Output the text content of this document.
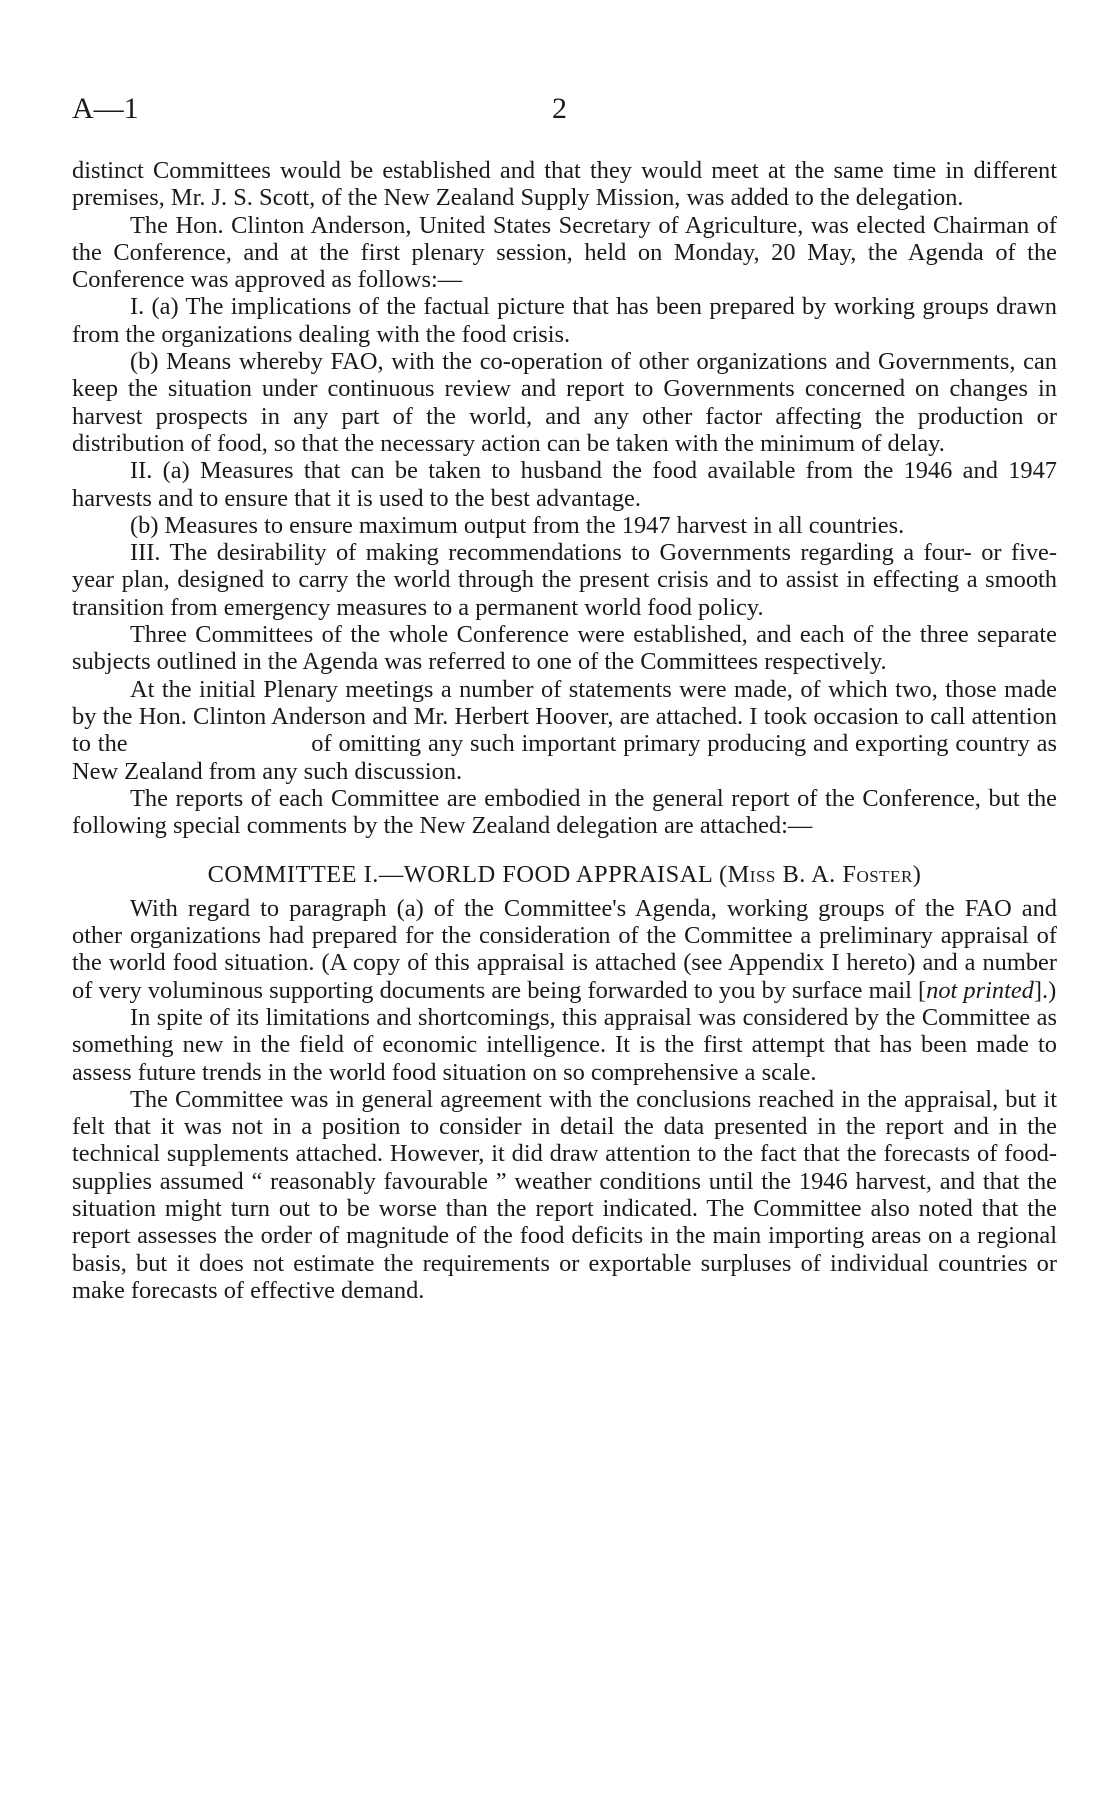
A—1	2

distinct Committees would be established and that they would meet at the same time in different premises, Mr. J. S. Scott, of the New Zealand Supply Mission, was added to the delegation.

The Hon. Clinton Anderson, United States Secretary of Agriculture, was elected Chairman of the Conference, and at the first plenary session, held on Monday, 20 May, the Agenda of the Conference was approved as follows:—

I. (a) The implications of the factual picture that has been prepared by working groups drawn from the organizations dealing with the food crisis.

(b) Means whereby FAO, with the co-operation of other organizations and Governments, can keep the situation under continuous review and report to Governments concerned on changes in harvest prospects in any part of the world, and any other factor affecting the production or distribution of food, so that the necessary action can be taken with the minimum of delay.

II. (a) Measures that can be taken to husband the food available from the 1946 and 1947 harvests and to ensure that it is used to the best advantage.

(b) Measures to ensure maximum output from the 1947 harvest in all countries.

III. The desirability of making recommendations to Governments regarding a four- or five-year plan, designed to carry the world through the present crisis and to assist in effecting a smooth transition from emergency measures to a permanent world food policy.

Three Committees of the whole Conference were established, and each of the three separate subjects outlined in the Agenda was referred to one of the Committees respectively.

At the initial Plenary meetings a number of statements were made, of which two, those made by the Hon. Clinton Anderson and Mr. Herbert Hoover, are attached. I took occasion to call attention to the	of omitting any such important primary producing and exporting country as New Zealand from any such discussion.

The reports of each Committee are embodied in the general report of the Conference, but the following special comments by the New Zealand delegation are attached:—

COMMITTEE I.—WORLD FOOD APPRAISAL (Miss B. A. Foster)

With regard to paragraph (a) of the Committee's Agenda, working groups of the FAO and other organizations had prepared for the consideration of the Committee a preliminary appraisal of the world food situation. (A copy of this appraisal is attached (see Appendix I hereto) and a number of very voluminous supporting documents are being forwarded to you by surface mail [not printed].)

In spite of its limitations and shortcomings, this appraisal was considered by the Committee as something new in the field of economic intelligence. It is the first attempt that has been made to assess future trends in the world food situation on so comprehensive a scale.

The Committee was in general agreement with the conclusions reached in the appraisal, but it felt that it was not in a position to consider in detail the data presented in the report and in the technical supplements attached. However, it did draw attention to the fact that the forecasts of food-supplies assumed “ reasonably favourable ” weather conditions until the 1946 harvest, and that the situation might turn out to be worse than the report indicated. The Committee also noted that the report assesses the order of magnitude of the food deficits in the main importing areas on a regional basis, but it does not estimate the requirements or exportable surpluses of individual countries or make forecasts of effective demand.
